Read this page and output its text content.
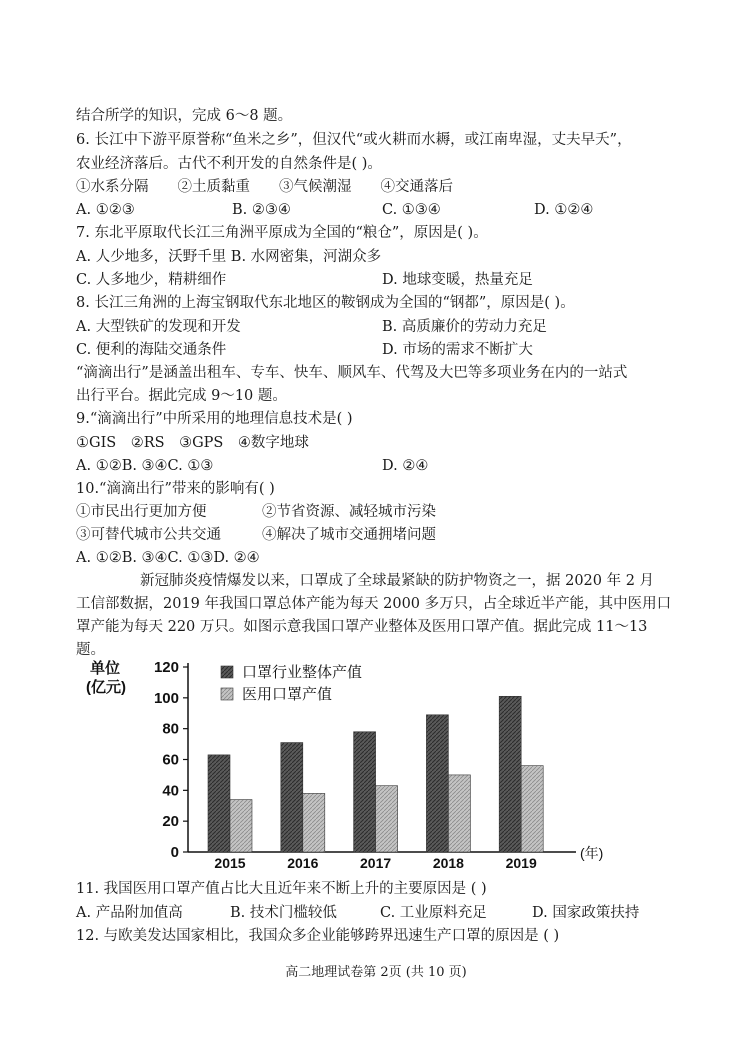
结合所学的知识，完成 6～8 题。
6. 长江中下游平原誉称“鱼米之乡”，但汉代“或火耕而水耨，或江南卑湿，丈夫早夭”，
农业经济落后。古代不利开发的自然条件是( )。
①水系分隔　　②土质黏重　　③气候潮湿　　④交通落后
A. ①②③	B. ②③④	C. ①③④	D. ①②④
7. 东北平原取代长江三角洲平原成为全国的“粮仓”，原因是( )。
A. 人少地多，沃野千里 B. 水网密集，河湖众多
C. 人多地少，精耕细作	D. 地球变暖，热量充足
8. 长江三角洲的上海宝钢取代东北地区的鞍钢成为全国的“钢都”，原因是( )。
A. 大型铁矿的发现和开发	B. 高质廉价的劳动力充足
C. 便利的海陆交通条件	D. 市场的需求不断扩大
“滴滴出行”是涵盖出租车、专车、快车、顺风车、代驾及大巴等多项业务在内的一站式
出行平台。据此完成 9～10 题。
9.“滴滴出行”中所采用的地理信息技术是( )
①GIS　②RS　③GPS　④数字地球
A. ①②B. ③④C. ①③	D. ②④
10.“滴滴出行”带来的影响有( )
①市民出行更加方便	②节省资源、减轻城市污染
③可替代城市公共交通	④解决了城市交通拥堵问题
A. ①②B. ③④C. ①③D. ②④
新冠肺炎疫情爆发以来，口罩成了全球最紧缺的防护物资之一，据 2020 年 2 月
工信部数据，2019 年我国口罩总体产能为每天 2000 多万只，占全球近半产能，其中医用口
罩产能为每天 220 万只。如图示意我国口罩产业整体及医用口罩产值。据此完成 11～13
题。
0
20
40
60
80
100
120
单位
(亿元)
(年)
2015	2016	2017	2018	2019
口罩行业整体产值
医用口罩产值
11. 我国医用口罩产值占比大且近年来不断上升的主要原因是 ( )
A. 产品附加值高	B. 技术门槛较低	C. 工业原料充足	D. 国家政策扶持
12. 与欧美发达国家相比，我国众多企业能够跨界迅速生产口罩的原因是 ( )
高二地理试卷第 2页 (共 10 页)
